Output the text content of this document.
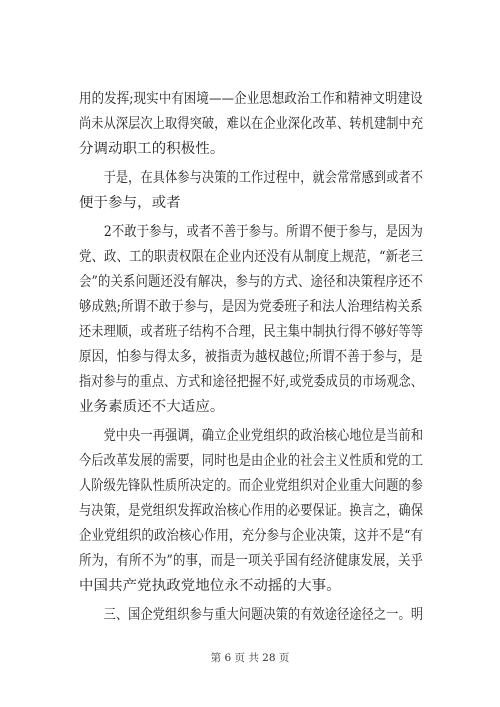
用的发挥;现实中有困境——企业思想政治工作和精神文明建设
尚未从深层次上取得突破，难以在企业深化改革、转机建制中充
分调动职工的积极性。
　　于是，在具体参与决策的工作过程中，就会常常感到或者不
便于参与，或者
　　2不敢于参与，或者不善于参与。所谓不便于参与，是因为
党、政、工的职责权限在企业内还没有从制度上规范，“新老三
会”的关系问题还没有解决，参与的方式、途径和决策程序还不
够成熟;所谓不敢于参与，是因为党委班子和法人治理结构关系
还未理顺，或者班子结构不合理，民主集中制执行得不够好等等
原因，怕参与得太多，被指责为越权越位;所谓不善于参与，是
指对参与的重点、方式和途径把握不好,或党委成员的市场观念、
业务素质还不大适应。
　　党中央一再强调，确立企业党组织的政治核心地位是当前和
今后改革发展的需要，同时也是由企业的社会主义性质和党的工
人阶级先锋队性质所决定的。而企业党组织对企业重大问题的参
与决策，是党组织发挥政治核心作用的必要保证。换言之，确保
企业党组织的政治核心作用，充分参与企业决策，这并不是“有
所为，有所不为”的事，而是一项关乎国有经济健康发展，关乎
中国共产党执政党地位永不动摇的大事。
　　三、国企党组织参与重大问题决策的有效途径途径之一。明
第 6 页 共 28 页
